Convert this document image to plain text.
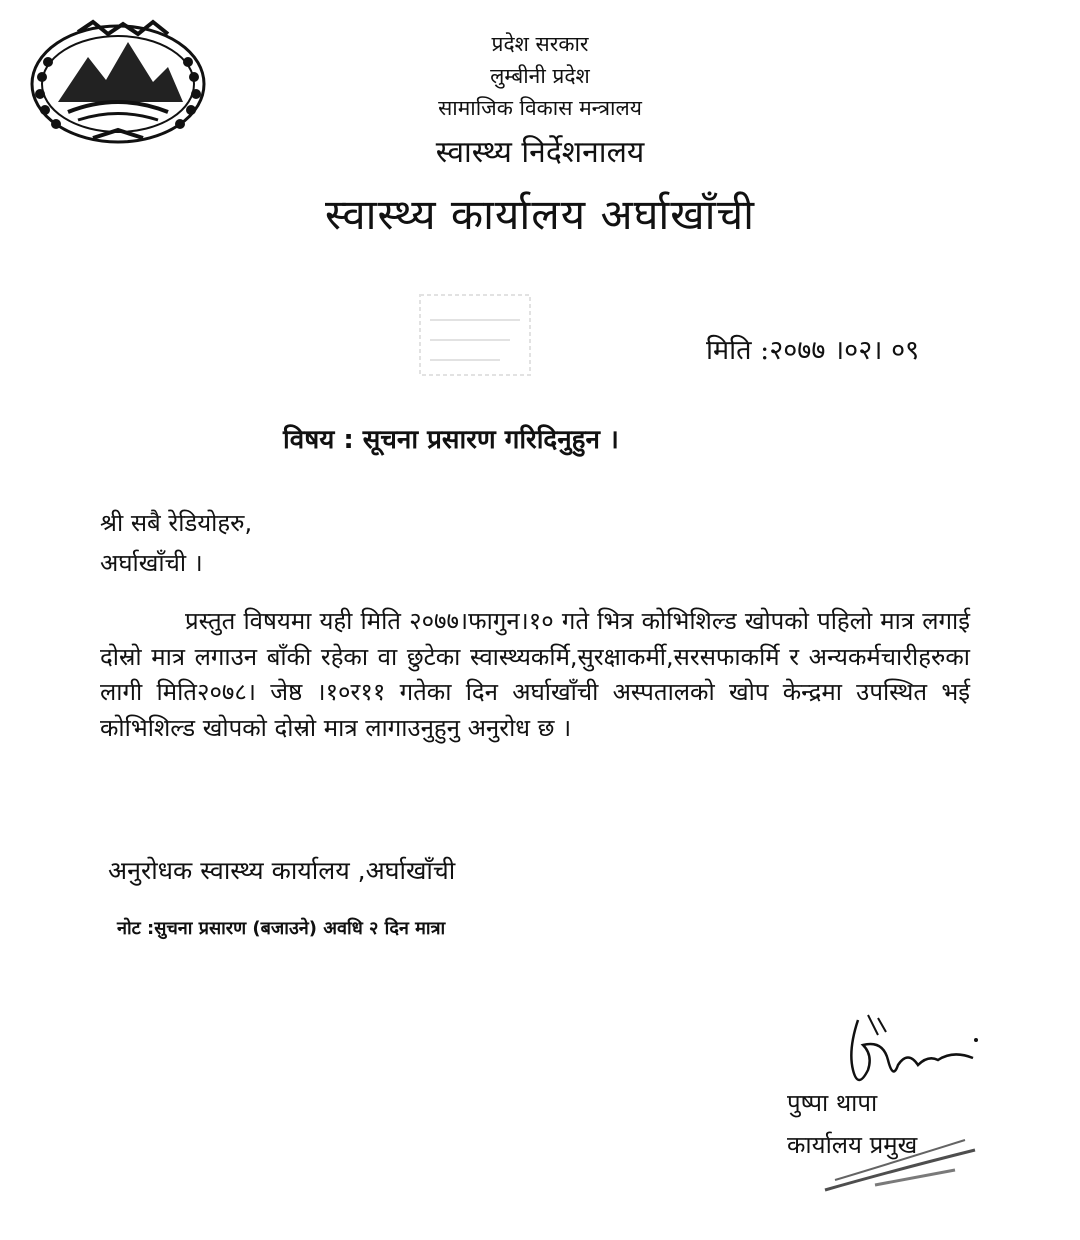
प्रदेश सरकार
लुम्बीनी प्रदेश
सामाजिक विकास मन्त्रालय
स्वास्थ्य निर्देशनालय
स्वास्थ्य कार्यालय अर्घाखाँची
मिति :२०७७ ।०२। ०९
विषय : सूचना प्रसारण गरिदिनुहुन ।
श्री सबै रेडियोहरु,
अर्घाखाँची ।
प्रस्तुत विषयमा यही मिति २०७७।फागुन।१० गते भित्र कोभिशिल्ड खोपको पहिलो मात्र लगाई दोस्रो मात्र लगाउन बाँकी रहेका वा छुटेका स्वास्थ्यकर्मि,सुरक्षाकर्मी,सरसफाकर्मि र अन्यकर्मचारीहरुका लागी मिति२०७८। जेष्ठ ।१०र११ गतेका दिन अर्घाखाँची अस्पतालको खोप केन्द्रमा उपस्थित भई कोभिशिल्ड खोपको दोस्रो मात्र लागाउनुहुनु अनुरोध छ ।
अनुरोधक स्वास्थ्य कार्यालय ,अर्घाखाँची
नोट :सुचना प्रसारण (बजाउने) अवधि २ दिन मात्रा
पुष्पा थापा
कार्यालय प्रमुख
